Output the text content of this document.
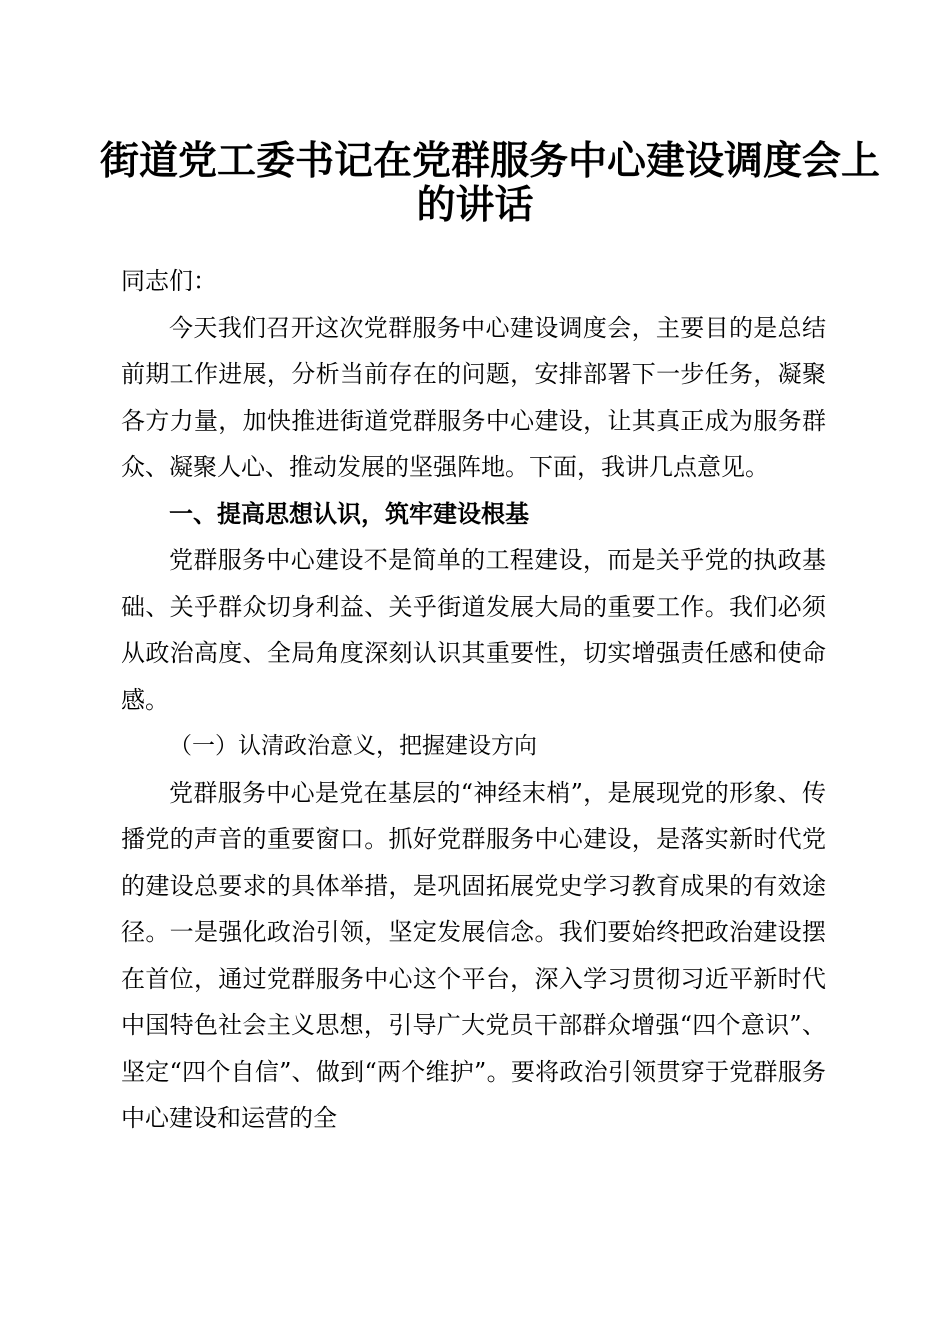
街道党工委书记在党群服务中心建设调度会上
的讲话

同志们：

今天我们召开这次党群服务中心建设调度会，主要目的是总结前期工作进展，分析当前存在的问题，安排部署下一步任务，凝聚各方力量，加快推进街道党群服务中心建设，让其真正成为服务群众、凝聚人心、推动发展的坚强阵地。下面，我讲几点意见。

一、提高思想认识，筑牢建设根基

党群服务中心建设不是简单的工程建设，而是关乎党的执政基础、关乎群众切身利益、关乎街道发展大局的重要工作。我们必须从政治高度、全局角度深刻认识其重要性，切实增强责任感和使命感。

（一）认清政治意义，把握建设方向

党群服务中心是党在基层的“神经末梢”，是展现党的形象、传播党的声音的重要窗口。抓好党群服务中心建设，是落实新时代党的建设总要求的具体举措，是巩固拓展党史学习教育成果的有效途径。一是强化政治引领，坚定发展信念。我们要始终把政治建设摆在首位，通过党群服务中心这个平台，深入学习贯彻习近平新时代中国特色社会主义思想，引导广大党员干部群众增强“四个意识”、坚定“四个自信”、做到“两个维护”。要将政治引领贯穿于党群服务中心建设和运营的全
